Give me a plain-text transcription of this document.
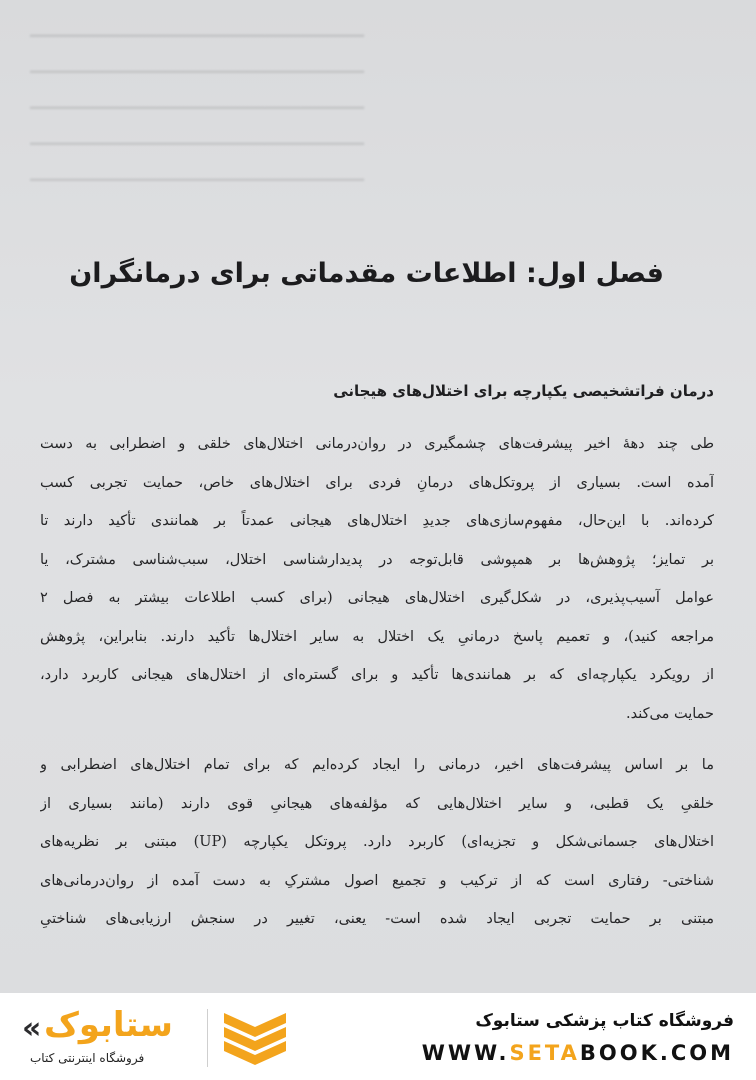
━━━━━━━━━━━━━━━━━━━━━━━━━━━━━━━━━━━━━
━━━━━━━━━━━━━━━━━━━━━━━━━━━━━━━━━━━━━
━━━━━━━━━━━━━━━━━━━━━━━━━━━━━━━━━━━━━
━━━━━━━━━━━━━━━━━━━━━━━━━━━━━━━━━━━━━
━━━━━━━━━━━━━━━━━━━━━━━━━━━━━━━━━━━━━
فصل اول: اطلاعات مقدماتی برای درمانگران
درمان فراتشخیصی یکپارچه برای اختلال‌های هیجانی
طی چند دهۀ اخیر پیشرفت‌های چشمگیری در روان‌درمانی اختلال‌های خلقی و اضطرابی به دست
آمده است. بسیاری از پروتکل‌های درمانِ فردی برای اختلال‌های خاص، حمایت تجربی کسب
کرده‌اند. با این‌حال، مفهوم‌سازی‌های جدیدِ اختلال‌های هیجانی عمدتاً بر همانندی تأکید دارند تا
بر تمایز؛ پژوهش‌ها بر همپوشی قابل‌توجه در پدیدارشناسی اختلال، سبب‌شناسی مشترک، یا
عوامل آسیب‌پذیری، در شکل‌گیری اختلال‌های هیجانی (برای کسب اطلاعات بیشتر به فصل ۲
مراجعه کنید)، و تعمیم پاسخ درمانیِ یک اختلال به سایر اختلال‌ها تأکید دارند. بنابراین، پژوهش
از رویکرد یکپارچه‌ای که بر همانندی‌ها تأکید و برای گستره‌ای از اختلال‌های هیجانی کاربرد دارد،
حمایت می‌کند.
ما بر اساس پیشرفت‌های اخیر، درمانی را ایجاد کرده‌ایم که برای تمام اختلال‌های اضطرابی و
خلقیِ یک قطبی، و سایر اختلال‌هایی که مؤلفه‌های هیجانیِ قوی دارند (مانند بسیاری از
اختلال‌های جسمانی‌شکل و تجزیه‌ای) کاربرد دارد. پروتکل یکپارچه (UP) مبتنی بر نظریه‌های
شناختی- رفتاری است که از ترکیب و تجمیع اصول مشترکِ به دست آمده از روان‌درمانی‌های
مبتنی بر حمایت تجربی ایجاد شده است- یعنی، تغییر در سنجش ارزیابی‌های شناختیِ

« ستابوک

فروشگاه اینترنتی کتاب

فروشگاه کتاب پزشکی ستابوک

WWW.SETABOOK.COM
